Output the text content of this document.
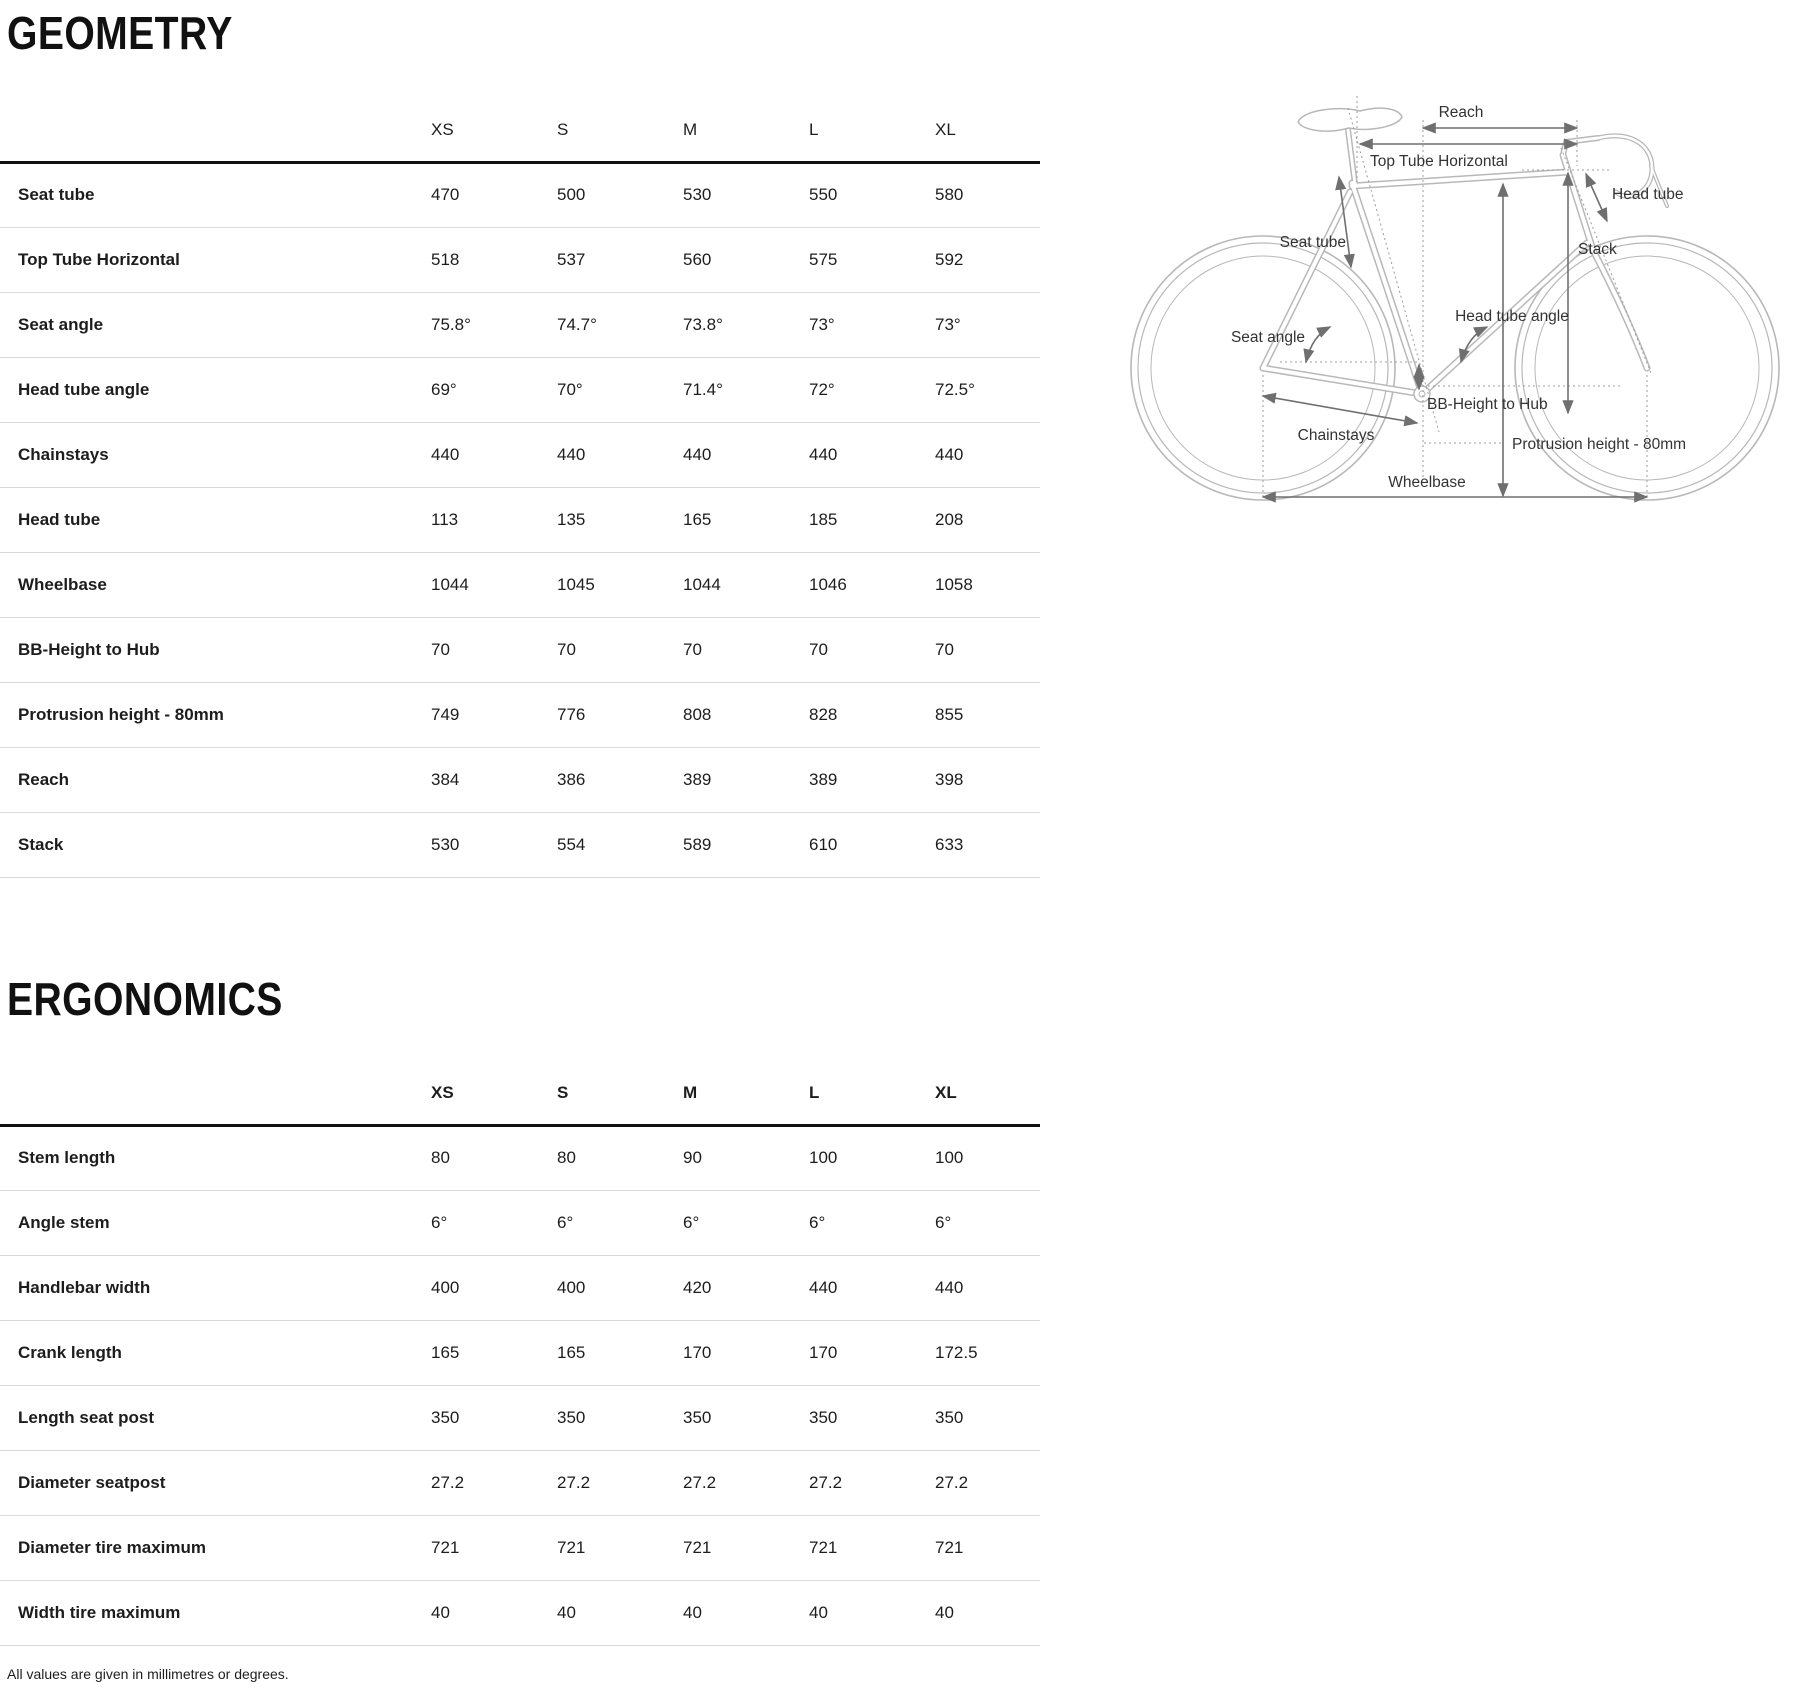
GEOMETRY
	XS	S	M	L	XL
Seat tube	470	500	530	550	580
Top Tube Horizontal	518	537	560	575	592
Seat angle	75.8°	74.7°	73.8°	73°	73°
Head tube angle	69°	70°	71.4°	72°	72.5°
Chainstays	440	440	440	440	440
Head tube	113	135	165	185	208
Wheelbase	1044	1045	1044	1046	1058
BB-Height to Hub	70	70	70	70	70
Protrusion height - 80mm	749	776	808	828	855
Reach	384	386	389	389	398
Stack	530	554	589	610	633
ERGONOMICS
	XS	S	M	L	XL
Stem length	80	80	90	100	100
Angle stem	6°	6°	6°	6°	6°
Handlebar width	400	400	420	440	440
Crank length	165	165	170	170	172.5
Length seat post	350	350	350	350	350
Diameter seatpost	27.2	27.2	27.2	27.2	27.2
Diameter tire maximum	721	721	721	721	721
Width tire maximum	40	40	40	40	40
All values are given in millimetres or degrees.
Reach
Top Tube Horizontal
Head tube
Seat tube	Stack
Head tube angle
Seat angle
BB-Height to Hub
Chainstays
Protrusion height - 80mm
Wheelbase
